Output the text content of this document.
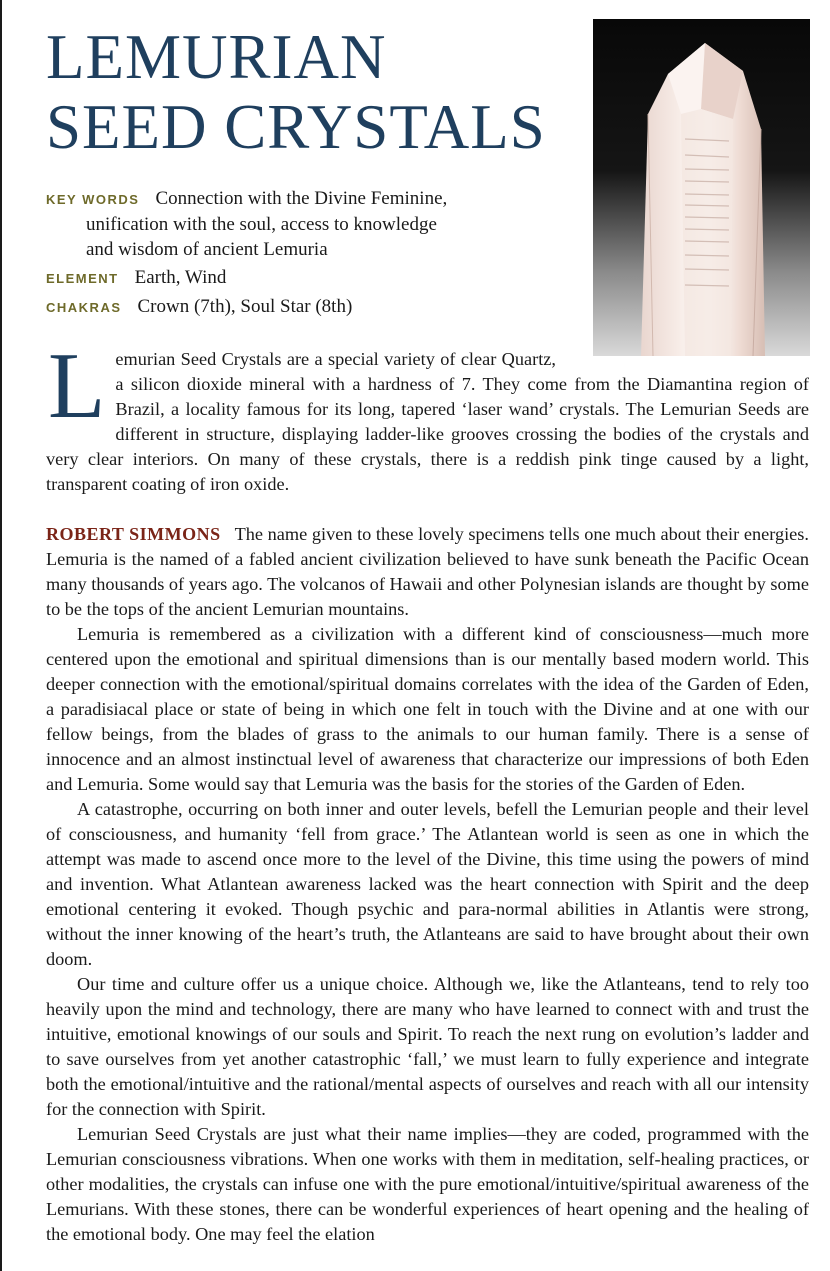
LEMURIAN
SEED CRYSTALS
KEY WORDS Connection with the Divine Feminine,
unification with the soul, access to knowledge
and wisdom of ancient Lemuria
ELEMENT Earth, Wind
CHAKRAS Crown (7th), Soul Star (8th)

Lemurian Seed Crystals are a special variety of clear Quartz, a silicon dioxide mineral with a hardness of 7. They come from the Diamantina region of Brazil, a locality famous for its long, tapered ‘laser wand’ crystals. The Lemurian Seeds are different in structure, displaying ladder-like grooves crossing the bodies of the crystals and very clear interiors. On many of these crystals, there is a reddish pink tinge caused by a light, transparent coating of iron oxide.

ROBERT SIMMONS The name given to these lovely specimens tells one much about their energies. Lemuria is the named of a fabled ancient civilization believed to have sunk beneath the Pacific Ocean many thousands of years ago. The volcanos of Hawaii and other Polynesian islands are thought by some to be the tops of the ancient Lemurian mountains.

Lemuria is remembered as a civilization with a different kind of consciousness—much more centered upon the emotional and spiritual dimensions than is our mentally based modern world. This deeper connection with the emotional/spiritual domains correlates with the idea of the Garden of Eden, a paradisiacal place or state of being in which one felt in touch with the Divine and at one with our fellow beings, from the blades of grass to the animals to our human family. There is a sense of innocence and an almost instinctual level of awareness that characterize our impressions of both Eden and Lemuria. Some would say that Lemuria was the basis for the stories of the Garden of Eden.

A catastrophe, occurring on both inner and outer levels, befell the Lemurian people and their level of consciousness, and humanity ‘fell from grace.’ The Atlantean world is seen as one in which the attempt was made to ascend once more to the level of the Divine, this time using the powers of mind and invention. What Atlantean awareness lacked was the heart connection with Spirit and the deep emotional centering it evoked. Though psychic and para-normal abilities in Atlantis were strong, without the inner knowing of the heart’s truth, the Atlanteans are said to have brought about their own doom.

Our time and culture offer us a unique choice. Although we, like the Atlanteans, tend to rely too heavily upon the mind and technology, there are many who have learned to connect with and trust the intuitive, emotional knowings of our souls and Spirit. To reach the next rung on evolution’s ladder and to save ourselves from yet another catastrophic ‘fall,’ we must learn to fully experience and integrate both the emotional/intuitive and the rational/mental aspects of ourselves and reach with all our intensity for the connection with Spirit.

Lemurian Seed Crystals are just what their name implies—they are coded, programmed with the Lemurian consciousness vibrations. When one works with them in meditation, self-healing practices, or other modalities, the crystals can infuse one with the pure emotional/intuitive/spiritual awareness of the Lemurians. With these stones, there can be wonderful experiences of heart opening and the healing of the emotional body. One may feel the elation
